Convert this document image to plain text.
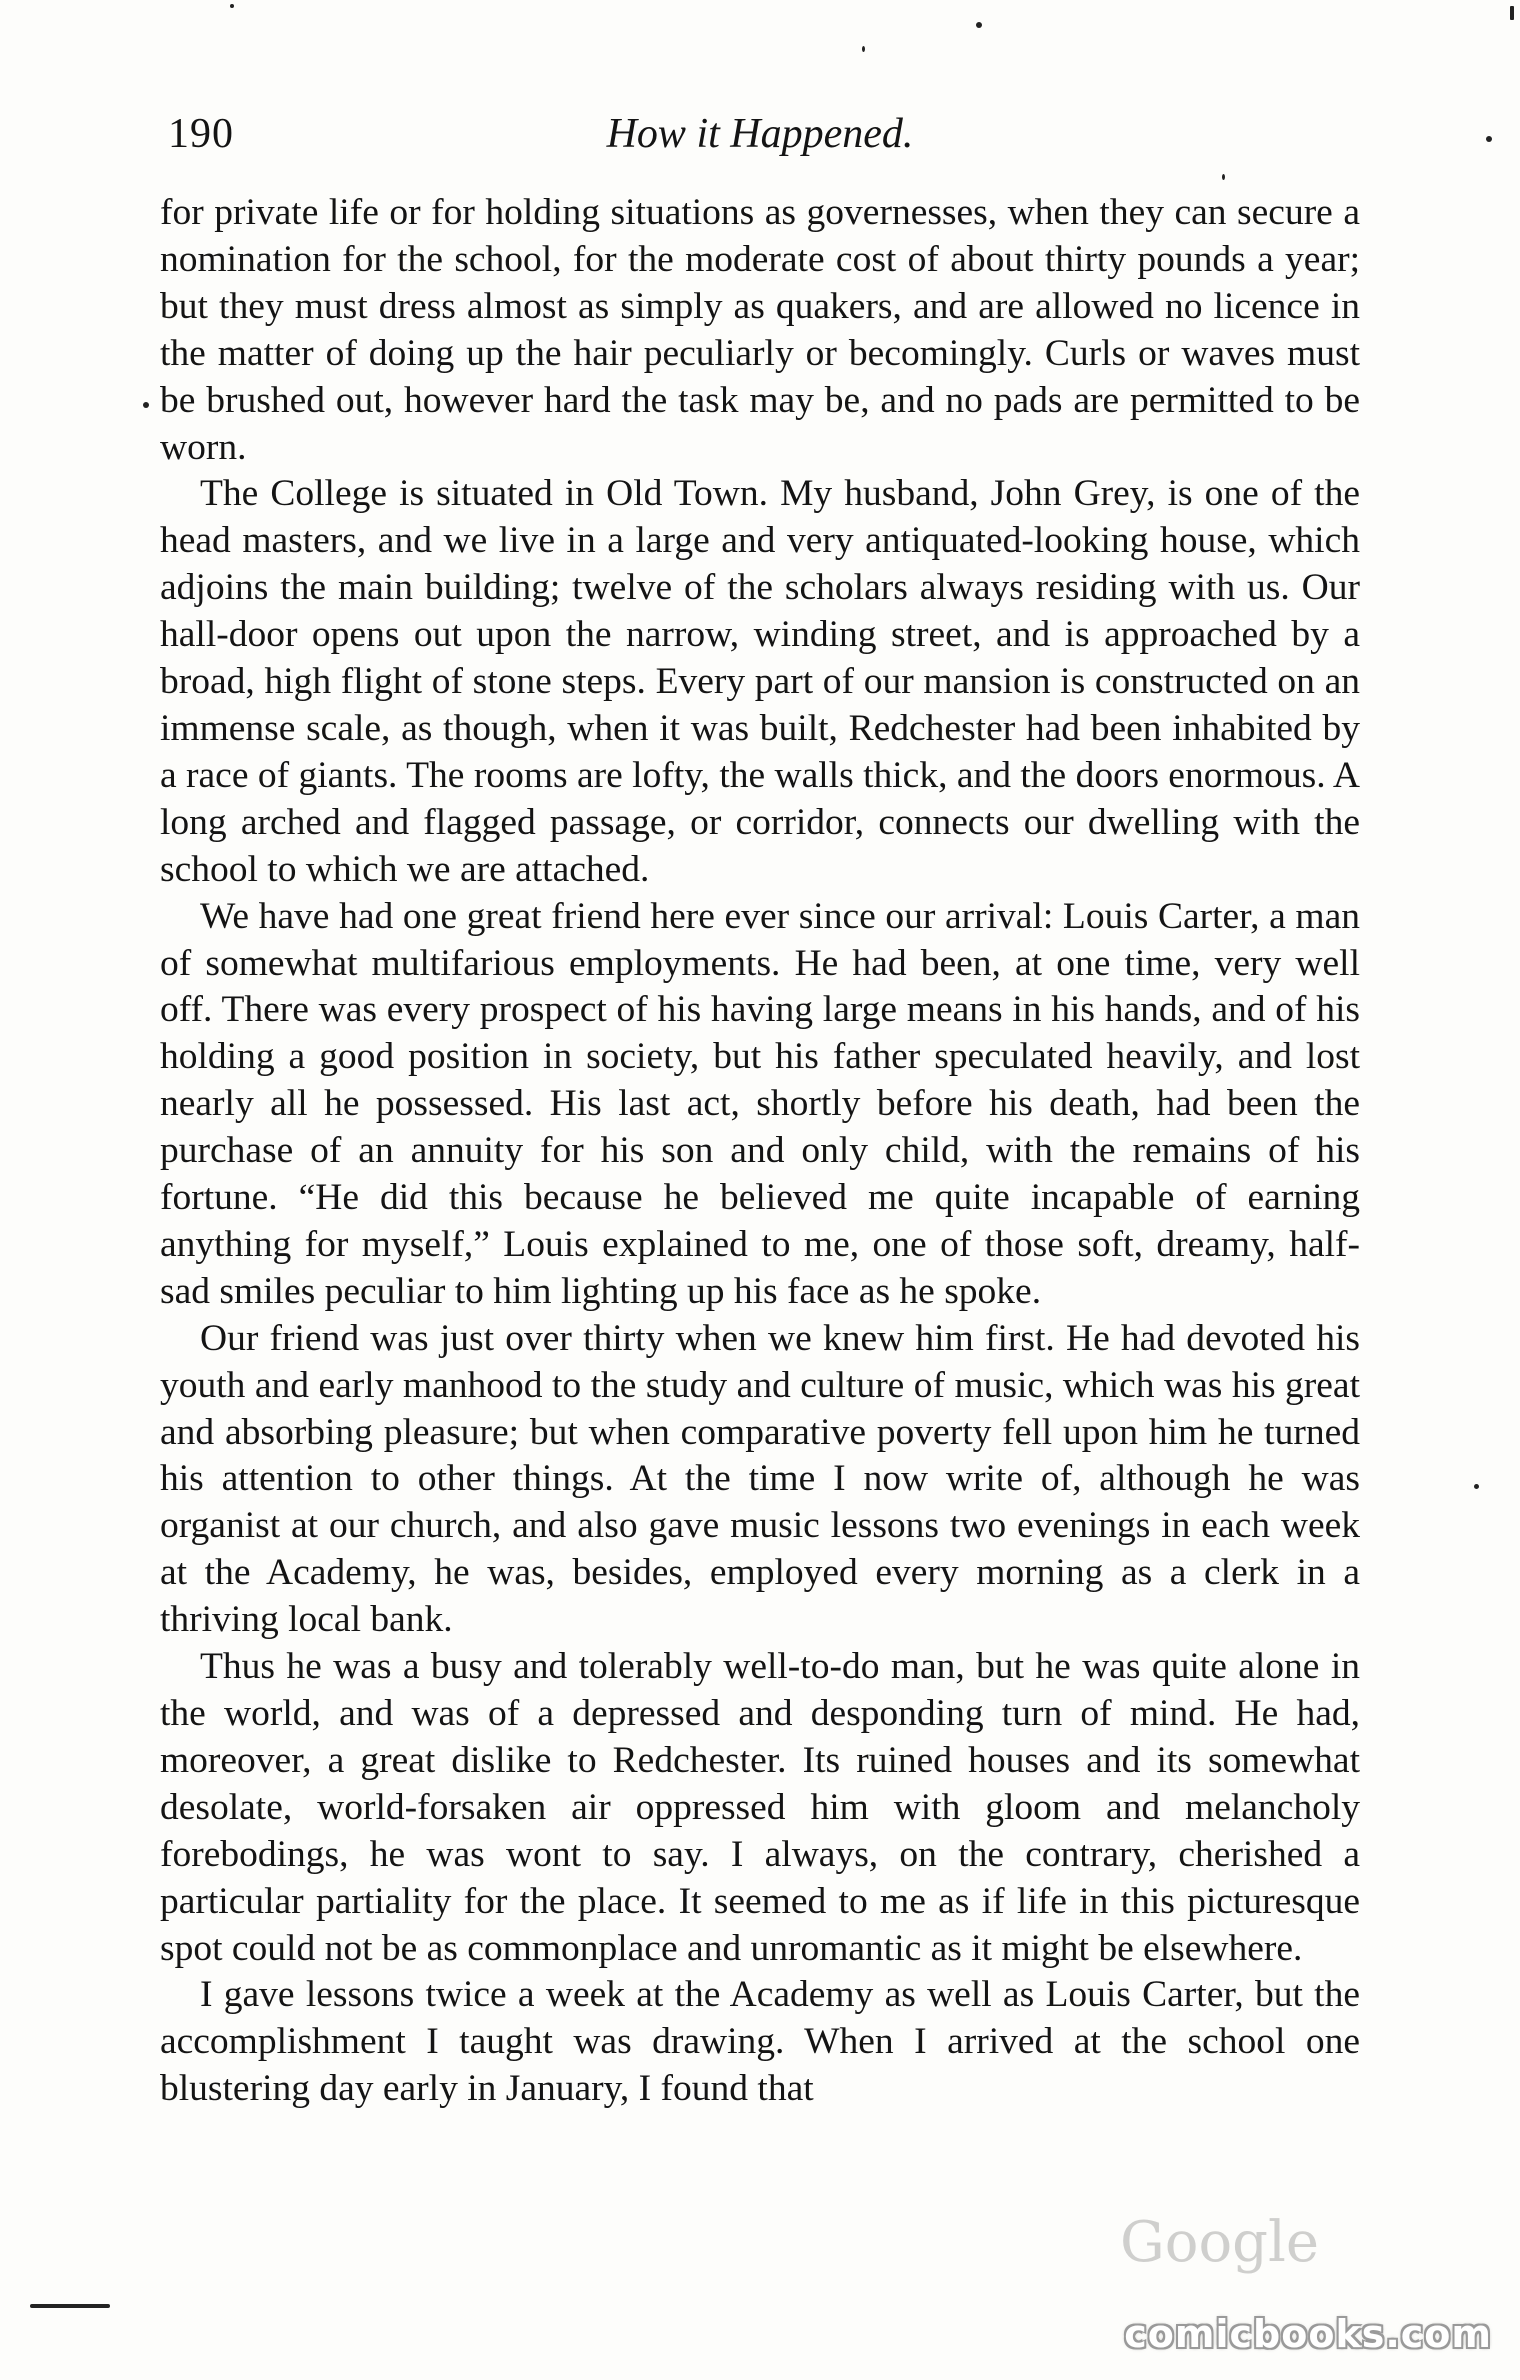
190	How it Happened.

for private life or for holding situations as governesses, when they can secure a nomination for the school, for the moderate cost of about thirty pounds a year; but they must dress almost as simply as quakers, and are allowed no licence in the matter of doing up the hair peculiarly or becomingly. Curls or waves must be brushed out, however hard the task may be, and no pads are permitted to be worn.

The College is situated in Old Town. My husband, John Grey, is one of the head masters, and we live in a large and very antiquated-looking house, which adjoins the main building; twelve of the scholars always residing with us. Our hall-door opens out upon the narrow, winding street, and is approached by a broad, high flight of stone steps. Every part of our mansion is constructed on an immense scale, as though, when it was built, Redchester had been inhabited by a race of giants. The rooms are lofty, the walls thick, and the doors enormous. A long arched and flagged passage, or corridor, connects our dwelling with the school to which we are attached.

We have had one great friend here ever since our arrival: Louis Carter, a man of somewhat multifarious employments. He had been, at one time, very well off. There was every prospect of his having large means in his hands, and of his holding a good position in society, but his father speculated heavily, and lost nearly all he possessed. His last act, shortly before his death, had been the purchase of an annuity for his son and only child, with the remains of his fortune. “He did this because he believed me quite incapable of earning anything for myself,” Louis explained to me, one of those soft, dreamy, half-sad smiles peculiar to him lighting up his face as he spoke.

Our friend was just over thirty when we knew him first. He had devoted his youth and early manhood to the study and culture of music, which was his great and absorbing pleasure; but when comparative poverty fell upon him he turned his attention to other things. At the time I now write of, although he was organist at our church, and also gave music lessons two evenings in each week at the Academy, he was, besides, employed every morning as a clerk in a thriving local bank.

Thus he was a busy and tolerably well-to-do man, but he was quite alone in the world, and was of a depressed and desponding turn of mind. He had, moreover, a great dislike to Redchester. Its ruined houses and its somewhat desolate, world-forsaken air oppressed him with gloom and melancholy forebodings, he was wont to say. I always, on the contrary, cherished a particular partiality for the place. It seemed to me as if life in this picturesque spot could not be as commonplace and unromantic as it might be elsewhere.

I gave lessons twice a week at the Academy as well as Louis Carter, but the accomplishment I taught was drawing. When I arrived at the school one blustering day early in January, I found that

Google
comicbooks.com
